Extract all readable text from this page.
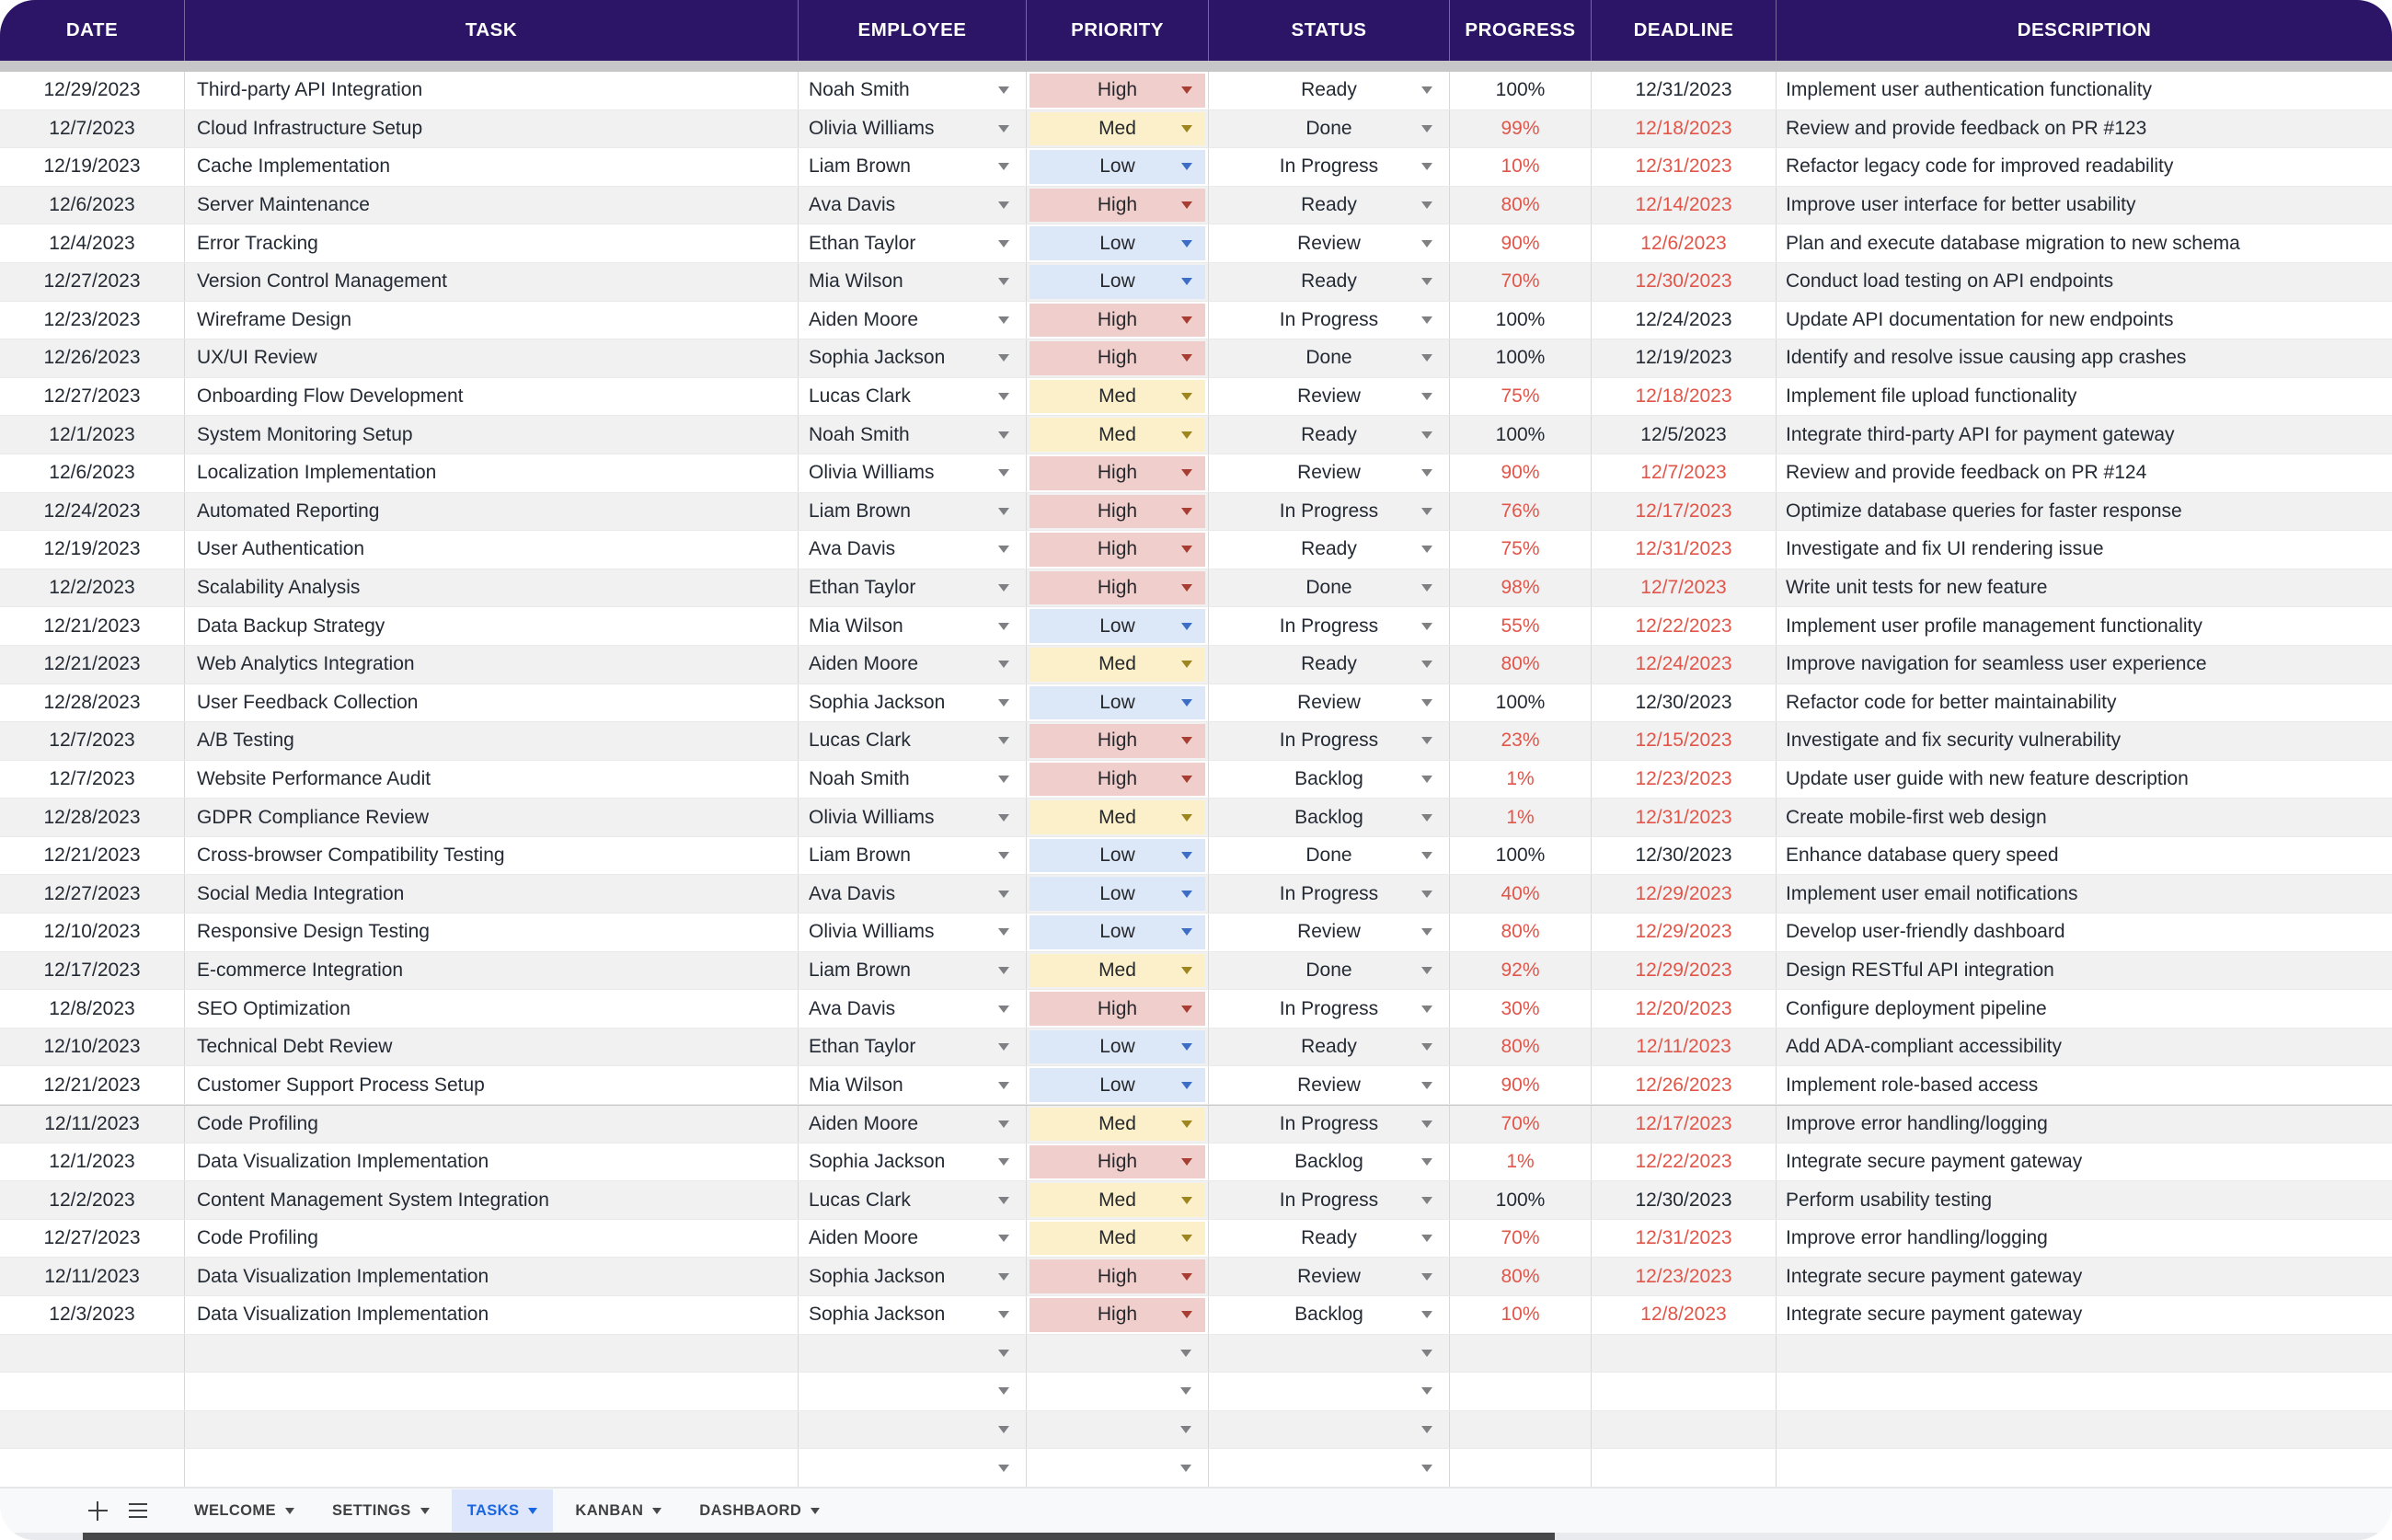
DATE	TASK	EMPLOYEE	PRIORITY	STATUS	PROGRESS	DEADLINE	DESCRIPTION
12/29/2023	Third-party API Integration	Noah Smith	High	Ready	100%	12/31/2023	Implement user authentication functionality
12/7/2023	Cloud Infrastructure Setup	Olivia Williams	Med	Done	99%	12/18/2023	Review and provide feedback on PR #123
12/19/2023	Cache Implementation	Liam Brown	Low	In Progress	10%	12/31/2023	Refactor legacy code for improved readability
12/6/2023	Server Maintenance	Ava Davis	High	Ready	80%	12/14/2023	Improve user interface for better usability
12/4/2023	Error Tracking	Ethan Taylor	Low	Review	90%	12/6/2023	Plan and execute database migration to new schema
12/27/2023	Version Control Management	Mia Wilson	Low	Ready	70%	12/30/2023	Conduct load testing on API endpoints
12/23/2023	Wireframe Design	Aiden Moore	High	In Progress	100%	12/24/2023	Update API documentation for new endpoints
12/26/2023	UX/UI Review	Sophia Jackson	High	Done	100%	12/19/2023	Identify and resolve issue causing app crashes
12/27/2023	Onboarding Flow Development	Lucas Clark	Med	Review	75%	12/18/2023	Implement file upload functionality
12/1/2023	System Monitoring Setup	Noah Smith	Med	Ready	100%	12/5/2023	Integrate third-party API for payment gateway
12/6/2023	Localization Implementation	Olivia Williams	High	Review	90%	12/7/2023	Review and provide feedback on PR #124
12/24/2023	Automated Reporting	Liam Brown	High	In Progress	76%	12/17/2023	Optimize database queries for faster response
12/19/2023	User Authentication	Ava Davis	High	Ready	75%	12/31/2023	Investigate and fix UI rendering issue
12/2/2023	Scalability Analysis	Ethan Taylor	High	Done	98%	12/7/2023	Write unit tests for new feature
12/21/2023	Data Backup Strategy	Mia Wilson	Low	In Progress	55%	12/22/2023	Implement user profile management functionality
12/21/2023	Web Analytics Integration	Aiden Moore	Med	Ready	80%	12/24/2023	Improve navigation for seamless user experience
12/28/2023	User Feedback Collection	Sophia Jackson	Low	Review	100%	12/30/2023	Refactor code for better maintainability
12/7/2023	A/B Testing	Lucas Clark	High	In Progress	23%	12/15/2023	Investigate and fix security vulnerability
12/7/2023	Website Performance Audit	Noah Smith	High	Backlog	1%	12/23/2023	Update user guide with new feature description
12/28/2023	GDPR Compliance Review	Olivia Williams	Med	Backlog	1%	12/31/2023	Create mobile-first web design
12/21/2023	Cross-browser Compatibility Testing	Liam Brown	Low	Done	100%	12/30/2023	Enhance database query speed
12/27/2023	Social Media Integration	Ava Davis	Low	In Progress	40%	12/29/2023	Implement user email notifications
12/10/2023	Responsive Design Testing	Olivia Williams	Low	Review	80%	12/29/2023	Develop user-friendly dashboard
12/17/2023	E-commerce Integration	Liam Brown	Med	Done	92%	12/29/2023	Design RESTful API integration
12/8/2023	SEO Optimization	Ava Davis	High	In Progress	30%	12/20/2023	Configure deployment pipeline
12/10/2023	Technical Debt Review	Ethan Taylor	Low	Ready	80%	12/11/2023	Add ADA-compliant accessibility
12/21/2023	Customer Support Process Setup	Mia Wilson	Low	Review	90%	12/26/2023	Implement role-based access
12/11/2023	Code Profiling	Aiden Moore	Med	In Progress	70%	12/17/2023	Improve error handling/logging
12/1/2023	Data Visualization Implementation	Sophia Jackson	High	Backlog	1%	12/22/2023	Integrate secure payment gateway
12/2/2023	Content Management System Integration	Lucas Clark	Med	In Progress	100%	12/30/2023	Perform usability testing
12/27/2023	Code Profiling	Aiden Moore	Med	Ready	70%	12/31/2023	Improve error handling/logging
12/11/2023	Data Visualization Implementation	Sophia Jackson	High	Review	80%	12/23/2023	Integrate secure payment gateway
12/3/2023	Data Visualization Implementation	Sophia Jackson	High	Backlog	10%	12/8/2023	Integrate secure payment gateway
WELCOME	SETTINGS	TASKS	KANBAN	DASHBAORD
